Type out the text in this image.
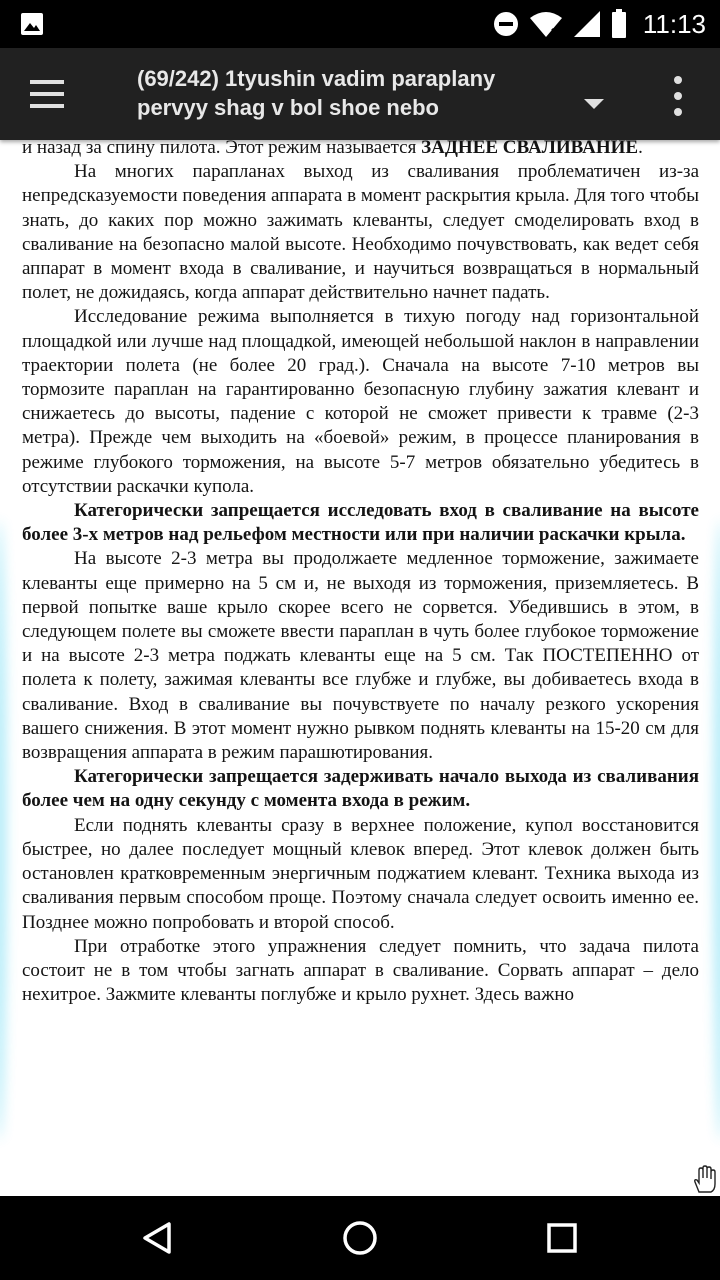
11:13
(69/242) 1tyushin vadim paraplany pervyy shag v bol shoe nebo

и назад за спину пилота. Этот режим называется ЗАДНЕЕ СВАЛИВАНИЕ.

На многих парапланах выход из сваливания проблематичен из-за непредсказуемости поведения аппарата в момент раскрытия крыла. Для того чтобы знать, до каких пор можно зажимать клеванты, следует смоделировать вход в сваливание на безопасно малой высоте. Необходимо почувствовать, как ведет себя аппарат в момент входа в сваливание, и научиться возвращаться в нормальный полет, не дожидаясь, когда аппарат действительно начнет падать.

Исследование режима выполняется в тихую погоду над горизонтальной площадкой или лучше над площадкой, имеющей небольшой наклон в направлении траектории полета (не более 20 град.). Сначала на высоте 7-10 метров вы тормозите параплан на гарантированно безопасную глубину зажатия клевант и снижаетесь до высоты, падение с которой не сможет привести к травме (2-3 метра). Прежде чем выходить на «боевой» режим, в процессе планирования в режиме глубокого торможения, на высоте 5-7 метров обязательно убедитесь в отсутствии раскачки купола.

Категорически запрещается исследовать вход в сваливание на высоте более 3-х метров над рельефом местности или при наличии раскачки крыла.

На высоте 2-3 метра вы продолжаете медленное торможение, зажимаете клеванты еще примерно на 5 см и, не выходя из торможения, приземляетесь. В первой попытке ваше крыло скорее всего не сорвется. Убедившись в этом, в следующем полете вы сможете ввести параплан в чуть более глубокое торможение и на высоте 2-3 метра поджать клеванты еще на 5 см. Так ПОСТЕПЕННО от полета к полету, зажимая клеванты все глубже и глубже, вы добиваетесь входа в сваливание. Вход в сваливание вы почувствуете по началу резкого ускорения вашего снижения. В этот момент нужно рывком поднять клеванты на 15-20 см для возвращения аппарата в режим парашютирования.

Категорически запрещается задерживать начало выхода из сваливания более чем на одну секунду с момента входа в режим.

Если поднять клеванты сразу в верхнее положение, купол восстановится быстрее, но далее последует мощный клевок вперед. Этот клевок должен быть остановлен кратковременным энергичным поджатием клевант. Техника выхода из сваливания первым способом проще. Поэтому сначала следует освоить именно ее. Позднее можно попробовать и второй способ.

При отработке этого упражнения следует помнить, что задача пилота состоит не в том чтобы загнать аппарат в сваливание. Сорвать аппарат – дело нехитрое. Зажмите клеванты поглубже и крыло рухнет. Здесь важно
